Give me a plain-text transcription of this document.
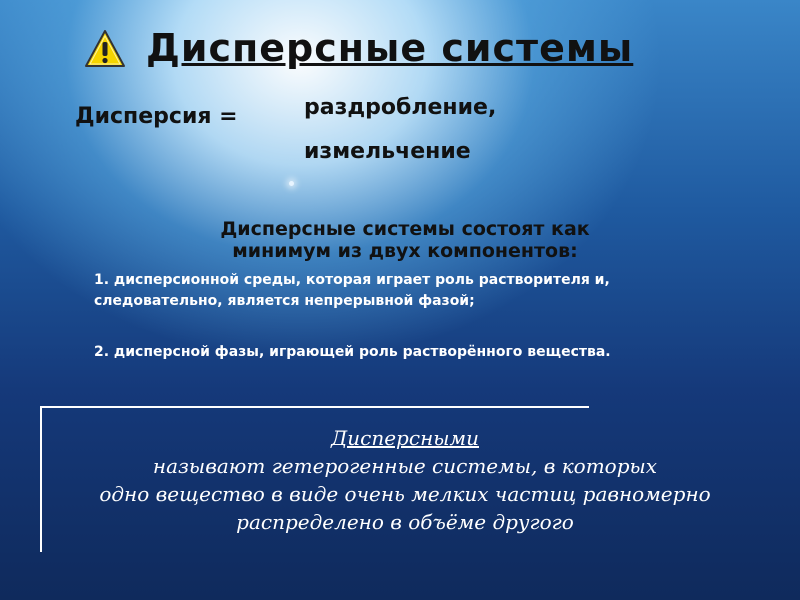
Дисперсные системы
Дисперсия =	раздробление,
измельчение
Дисперсные системы состоят как
минимум из двух компонентов:
1. дисперсионной среды, которая играет роль растворителя и,
следовательно, является непрерывной фазой;
2. дисперсной фазы, играющей роль растворённого вещества.

Дисперсными
называют гетерогенные системы, в которых
одно вещество в виде очень мелких частиц равномерно
распределено в объёме другого
